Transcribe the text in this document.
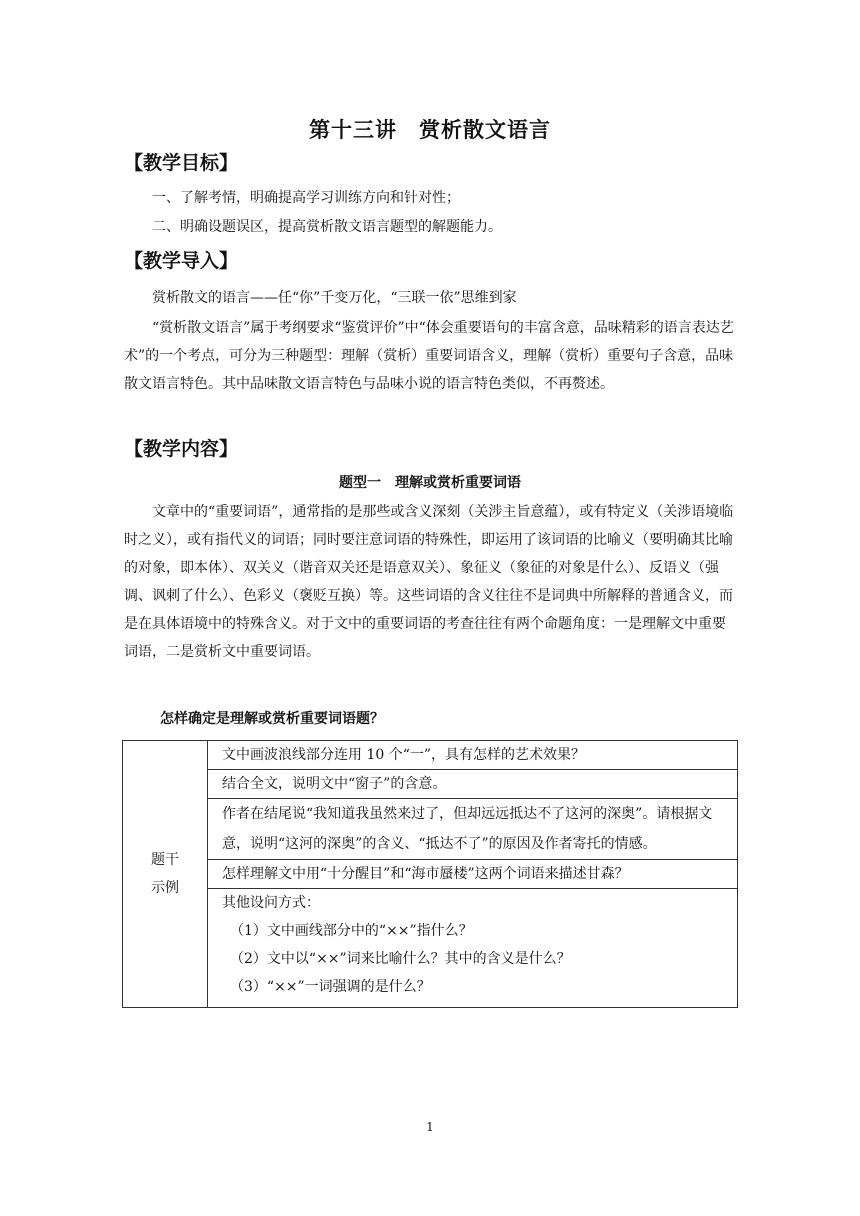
第十三讲　赏析散文语言
【教学目标】
一、了解考情，明确提高学习训练方向和针对性；
二、明确设题误区，提高赏析散文语言题型的解题能力。
【教学导入】
赏析散文的语言——任“你”千变万化，“三联一依”思维到家
“赏析散文语言”属于考纲要求“鉴赏评价”中“体会重要语句的丰富含意，品味精彩的语言表达艺术”的一个考点，可分为三种题型：理解（赏析）重要词语含义，理解（赏析）重要句子含意，品味散文语言特色。其中品味散文语言特色与品味小说的语言特色类似，不再赘述。
【教学内容】
题型一　理解或赏析重要词语
文章中的“重要词语”，通常指的是那些或含义深刻（关涉主旨意蕴），或有特定义（关涉语境临时之义），或有指代义的词语；同时要注意词语的特殊性，即运用了该词语的比喻义（要明确其比喻的对象，即本体）、双关义（谐音双关还是语意双关）、象征义（象征的对象是什么）、反语义（强调、讽刺了什么）、色彩义（褒贬互换）等。这些词语的含义往往不是词典中所解释的普通含义，而是在具体语境中的特殊含义。对于文中的重要词语的考查往往有两个命题角度：一是理解文中重要词语，二是赏析文中重要词语。
怎样确定是理解或赏析重要词语题？
题干
示例
	文中画波浪线部分连用 10 个“一”，具有怎样的艺术效果？
结合全文，说明文中“窗子”的含意。
作者在结尾说“我知道我虽然来过了，但却远远抵达不了这河的深奥”。请根据文意，说明“这河的深奥”的含义、“抵达不了”的原因及作者寄托的情感。
怎样理解文中用“十分醒目”和“海市蜃楼”这两个词语来描述甘森？

其他设问方式：
（1）文中画线部分中的“××”指什么？
（2）文中以“××”词来比喻什么？其中的含义是什么？
（3）“××”一词强调的是什么？
1
